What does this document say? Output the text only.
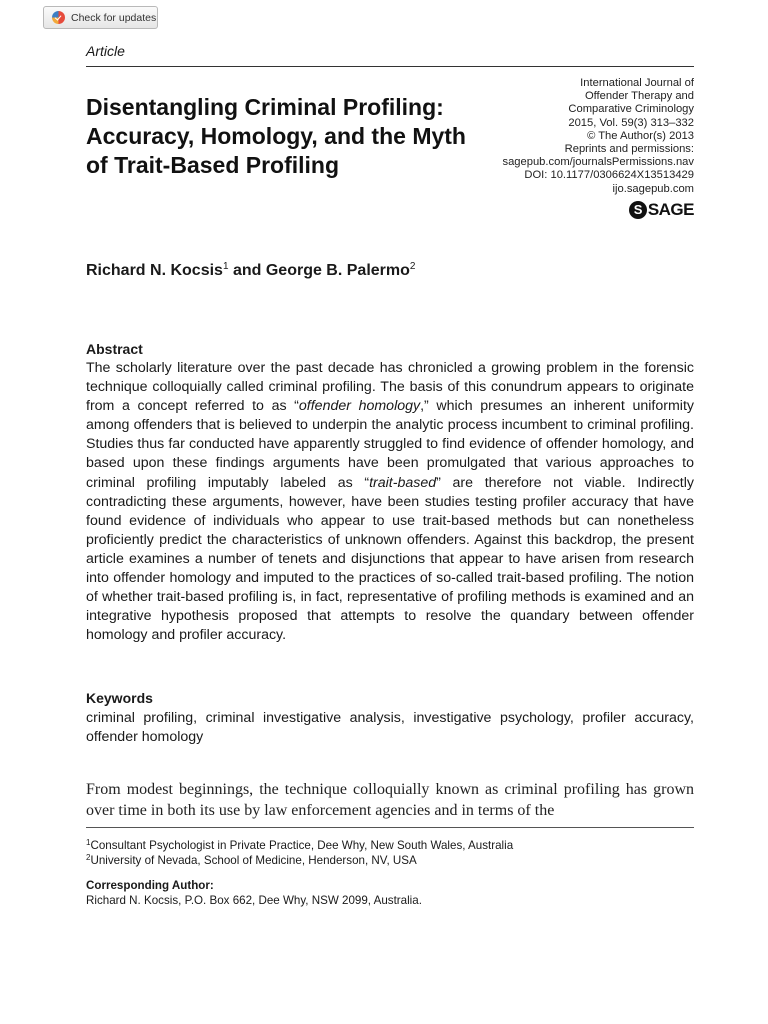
Check for updates
Article
Disentangling Criminal Profiling: Accuracy, Homology, and the Myth of Trait-Based Profiling
International Journal of
Offender Therapy and
Comparative Criminology
2015, Vol. 59(3) 313–332
© The Author(s) 2013
Reprints and permissions:
sagepub.com/journalsPermissions.nav
DOI: 10.1177/0306624X13513429
ijo.sagepub.com
S SAGE
Richard N. Kocsis$^1$ and George B. Palermo$^2$
Abstract
The scholarly literature over the past decade has chronicled a growing problem in the forensic technique colloquially called criminal profiling. The basis of this conundrum appears to originate from a concept referred to as “offender homology,” which presumes an inherent uniformity among offenders that is believed to underpin the analytic process incumbent to criminal profiling. Studies thus far conducted have apparently struggled to find evidence of offender homology, and based upon these findings arguments have been promulgated that various approaches to criminal profiling imputably labeled as “trait-based” are therefore not viable. Indirectly contradicting these arguments, however, have been studies testing profiler accuracy that have found evidence of individuals who appear to use trait-based methods but can nonetheless proficiently predict the characteristics of unknown offenders. Against this backdrop, the present article examines a number of tenets and disjunctions that appear to have arisen from research into offender homology and imputed to the practices of so-called trait-based profiling. The notion of whether trait-based profiling is, in fact, representative of profiling methods is examined and an integrative hypothesis proposed that attempts to resolve the quandary between offender homology and profiler accuracy.
Keywords
criminal profiling, criminal investigative analysis, investigative psychology, profiler accuracy, offender homology
From modest beginnings, the technique colloquially known as criminal profiling has grown over time in both its use by law enforcement agencies and in terms of the
$^1$Consultant Psychologist in Private Practice, Dee Why, New South Wales, Australia
$^2$University of Nevada, School of Medicine, Henderson, NV, USA
Corresponding Author:
Richard N. Kocsis, P.O. Box 662, Dee Why, NSW 2099, Australia.
